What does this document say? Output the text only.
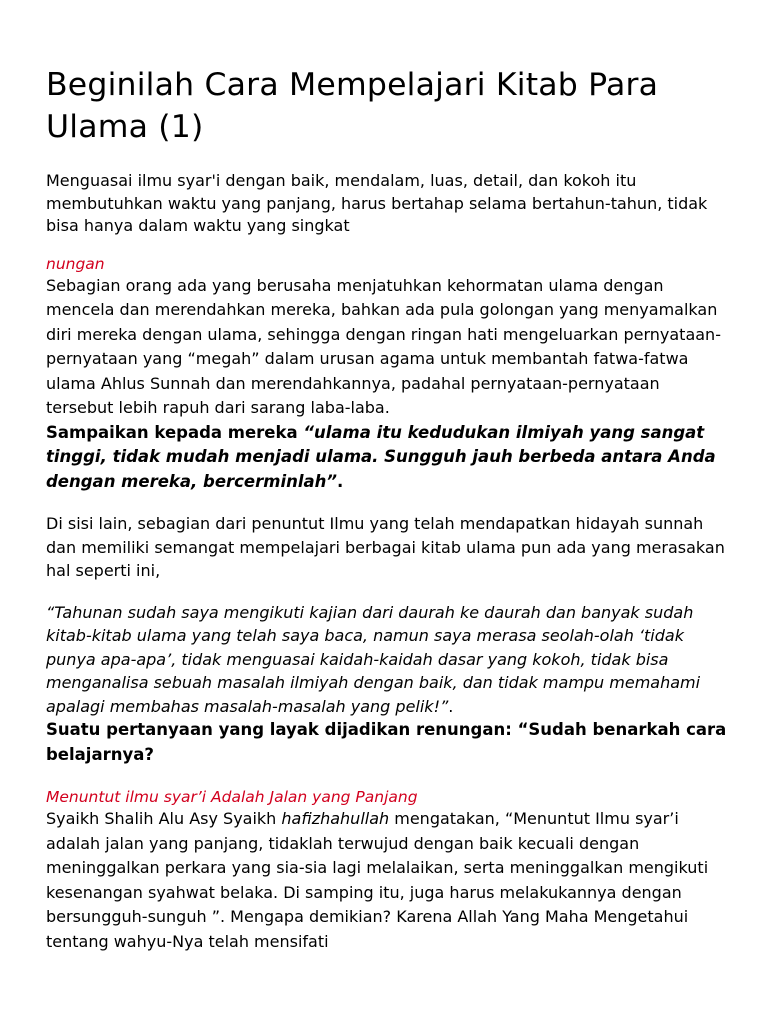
Beginilah Cara Mempelajari Kitab Para Ulama (1)

Menguasai ilmu syar'i dengan baik, mendalam, luas, detail, dan kokoh itu membutuhkan waktu yang panjang, harus bertahap selama bertahun-tahun, tidak bisa hanya dalam waktu yang singkat

nungan

Sebagian orang ada yang berusaha menjatuhkan kehormatan ulama dengan mencela dan merendahkan mereka, bahkan ada pula golongan yang menyamalkan diri mereka dengan ulama, sehingga dengan ringan hati mengeluarkan pernyataan-pernyataan yang “megah” dalam urusan agama untuk membantah fatwa-fatwa ulama Ahlus Sunnah dan merendahkannya, padahal pernyataan-pernyataan tersebut lebih rapuh dari sarang laba-laba.

Sampaikan kepada mereka “ulama itu kedudukan ilmiyah yang sangat tinggi, tidak mudah menjadi ulama. Sungguh jauh berbeda antara Anda dengan mereka, bercerminlah”.

Di sisi lain, sebagian dari penuntut Ilmu yang telah mendapatkan hidayah sunnah dan memiliki semangat mempelajari berbagai kitab ulama pun ada yang merasakan hal seperti ini,

“Tahunan sudah saya mengikuti kajian dari daurah ke daurah dan banyak sudah kitab-kitab ulama yang telah saya baca, namun saya merasa seolah-olah ‘tidak punya apa-apa’, tidak menguasai kaidah-kaidah dasar yang kokoh, tidak bisa menganalisa sebuah masalah ilmiyah dengan baik, dan tidak mampu memahami apalagi membahas masalah-masalah yang pelik!”.

Suatu pertanyaan yang layak dijadikan renungan: “Sudah benarkah cara belajarnya?

Menuntut ilmu syar’i Adalah Jalan yang Panjang

Syaikh Shalih Alu Asy Syaikh hafizhahullah mengatakan, “Menuntut Ilmu syar’i adalah jalan yang panjang, tidaklah terwujud dengan baik kecuali dengan meninggalkan perkara yang sia-sia lagi melalaikan, serta meninggalkan mengikuti kesenangan syahwat belaka. Di samping itu, juga harus melakukannya dengan bersungguh-sunguh ”. Mengapa demikian? Karena Allah Yang Maha Mengetahui tentang wahyu-Nya telah mensifati
